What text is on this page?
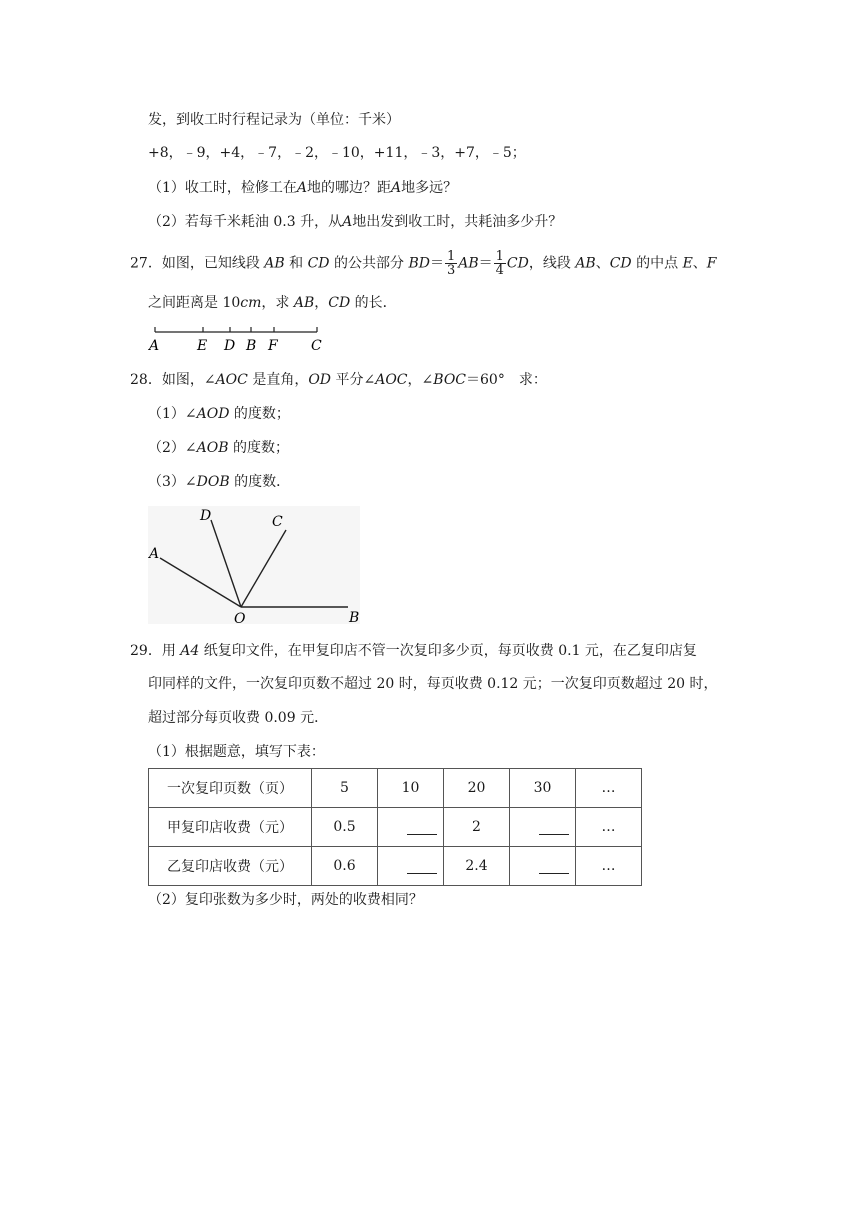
发，到收工时行程记录为（单位：千米）
+8，﹣9，+4，﹣7，﹣2，﹣10，+11，﹣3，+7，﹣5；
（1）收工时，检修工在A地的哪边？距A地多远？
（2）若每千米耗油 0.3 升，从A地出发到收工时，共耗油多少升？
27．如图，已知线段 AB 和 CD 的公共部分 $BD= \frac{1}{3} AB= \frac{1}{4}$ CD，线段 AB、CD 的中点 E、F
之间距离是 10cm，求 AB，CD 的长．
A	E D B F C
28．如图，∠AOC 是直角，OD 平分∠AOC，∠BOC＝60°　求：
（1）∠AOD 的度数；
（2）∠AOB 的度数；
（3）∠DOB 的度数．
D	C
A
O	B
29．用 A4 纸复印文件，在甲复印店不管一次复印多少页，每页收费 0.1 元，在乙复印店复
印同样的文件，一次复印页数不超过 20 时，每页收费 0.12 元；一次复印页数超过 20 时，
超过部分每页收费 0.09 元．
（1）根据题意，填写下表：
一次复印页数（页）	5	10	20	30	…
甲复印店收费（元）	0.5		2		…
乙复印店收费（元）	0.6		2.4		…
（2）复印张数为多少时，两处的收费相同？
